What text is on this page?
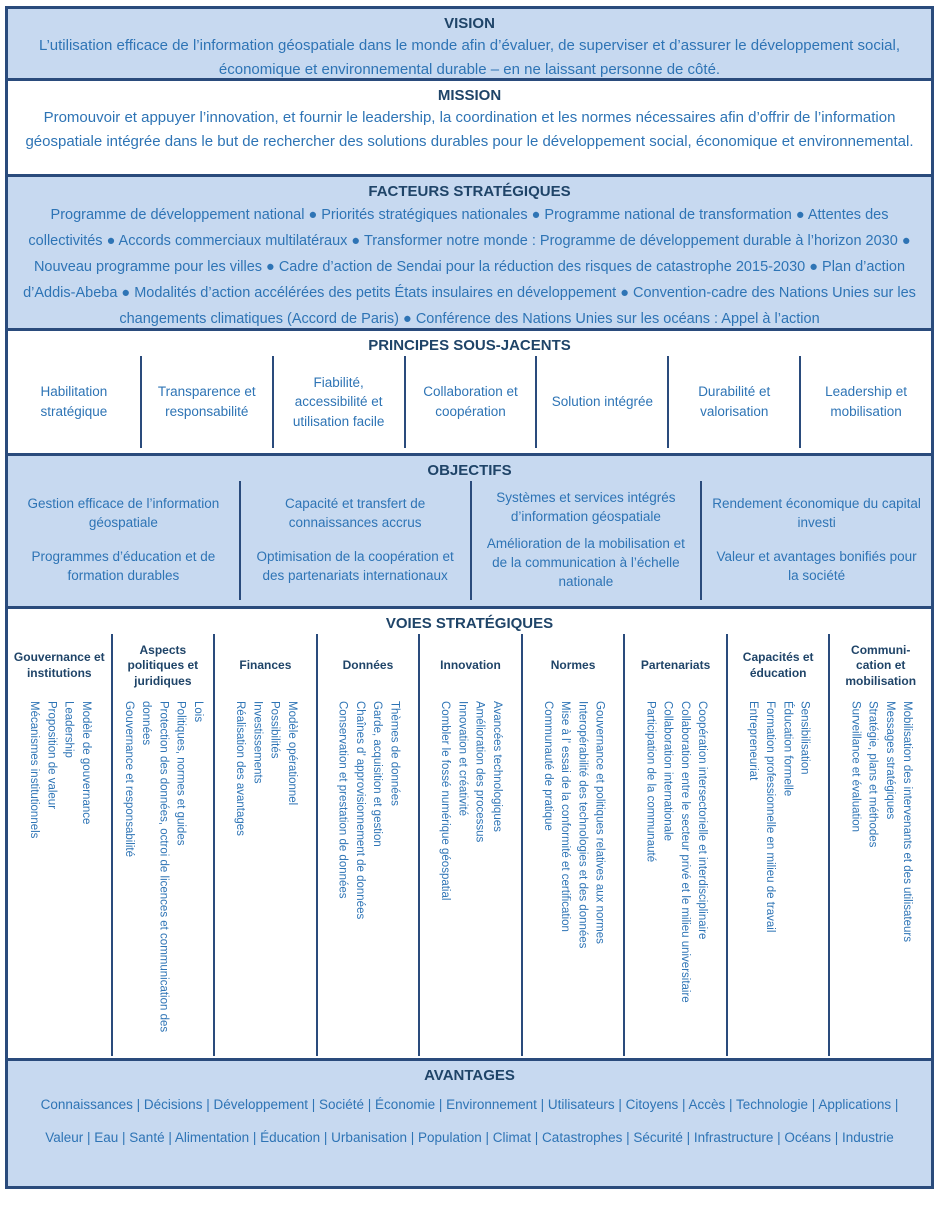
VISION
L’utilisation efficace de l’information géospatiale dans le monde afin d’évaluer, de superviser et d’assurer le développement social, économique et environnemental durable – en ne laissant personne de côté.
MISSION
Promouvoir et appuyer l’innovation, et fournir le leadership, la coordination et les normes nécessaires afin d’offrir de l’information géospatiale intégrée dans le but de rechercher des solutions durables pour le développement social, économique et environnemental.
FACTEURS STRATÉGIQUES
Programme de développement national ● Priorités stratégiques nationales ● Programme national de transformation ● Attentes des collectivités ● Accords commerciaux multilatéraux ● Transformer notre monde : Programme de développement durable à l’horizon 2030 ● Nouveau programme pour les villes ● Cadre d’action de Sendai pour la réduction des risques de catastrophe 2015-2030 ● Plan d’action d’Addis-Abeba ● Modalités d’action accélérées des petits États insulaires en développement ● Convention-cadre des Nations Unies sur les changements climatiques (Accord de Paris) ● Conférence des Nations Unies sur les océans : Appel à l’action
PRINCIPES SOUS-JACENTS
Habilitation stratégique
Transparence et responsabilité
Fiabilité, accessibilité et utilisation facile
Collaboration et coopération
Solution intégrée
Durabilité et valorisation
Leadership et mobilisation
OBJECTIFS
Gestion efficace de l’information géospatiale
Programmes d’éducation et de formation durables
Capacité et transfert de connaissances accrus
Optimisation de la coopération et des partenariats internationaux
Systèmes et services intégrés d’information géospatiale
Amélioration de la mobilisation et de la communication à l’échelle nationale
Rendement économique du capital investi
Valeur et avantages bonifiés pour la société
VOIES STRATÉGIQUES
Gouvernance et institutions
Modèle de gouvernance
Leadership
Proposition de valeur
Mécanismes institutionnels
Aspects politiques et juridiques
Lois
Politiques, normes et guides
Protection des données, octroi de licences et communication des données
Gouvernance et responsabilité
Finances
Modèle opérationnel
Possibilités
Investissements
Réalisation des avantages
Données
Thèmes de données
Garde, acquisition et gestion
Chaînes d’ approvisionnement de données
Conservation et prestation de données
Innovation
Avancées technologiques
Amélioration des processus
Innovation et créativité
Combler le fossé numérique géospatial
Normes
Gouvernance et politiques relatives aux normes
Interopérabilité des technologies et des données
Mise à l’ essai de la conformité et certification
Communauté de pratique
Partenariats
Coopération intersectorielle et interdisciplinaire
Collaboration entre le secteur privé et le milieu universitaire
Collaboration internationale
Participation de la communauté
Capacités et éducation
Sensibilisation
Éducation formelle
Formation professionnelle en milieu de travail
Entrepreneuriat
Communi-cation et mobilisation
Mobilisation des intervenants et des utilisateurs
Messages stratégiques
Stratégie, plans et méthodes
Surveillance et évaluation
AVANTAGES
Connaissances | Décisions | Développement | Société | Économie | Environnement | Utilisateurs | Citoyens | Accès | Technologie | Applications | Valeur | Eau | Santé | Alimentation | Éducation | Urbanisation | Population | Climat | Catastrophes | Sécurité | Infrastructure | Océans | Industrie
